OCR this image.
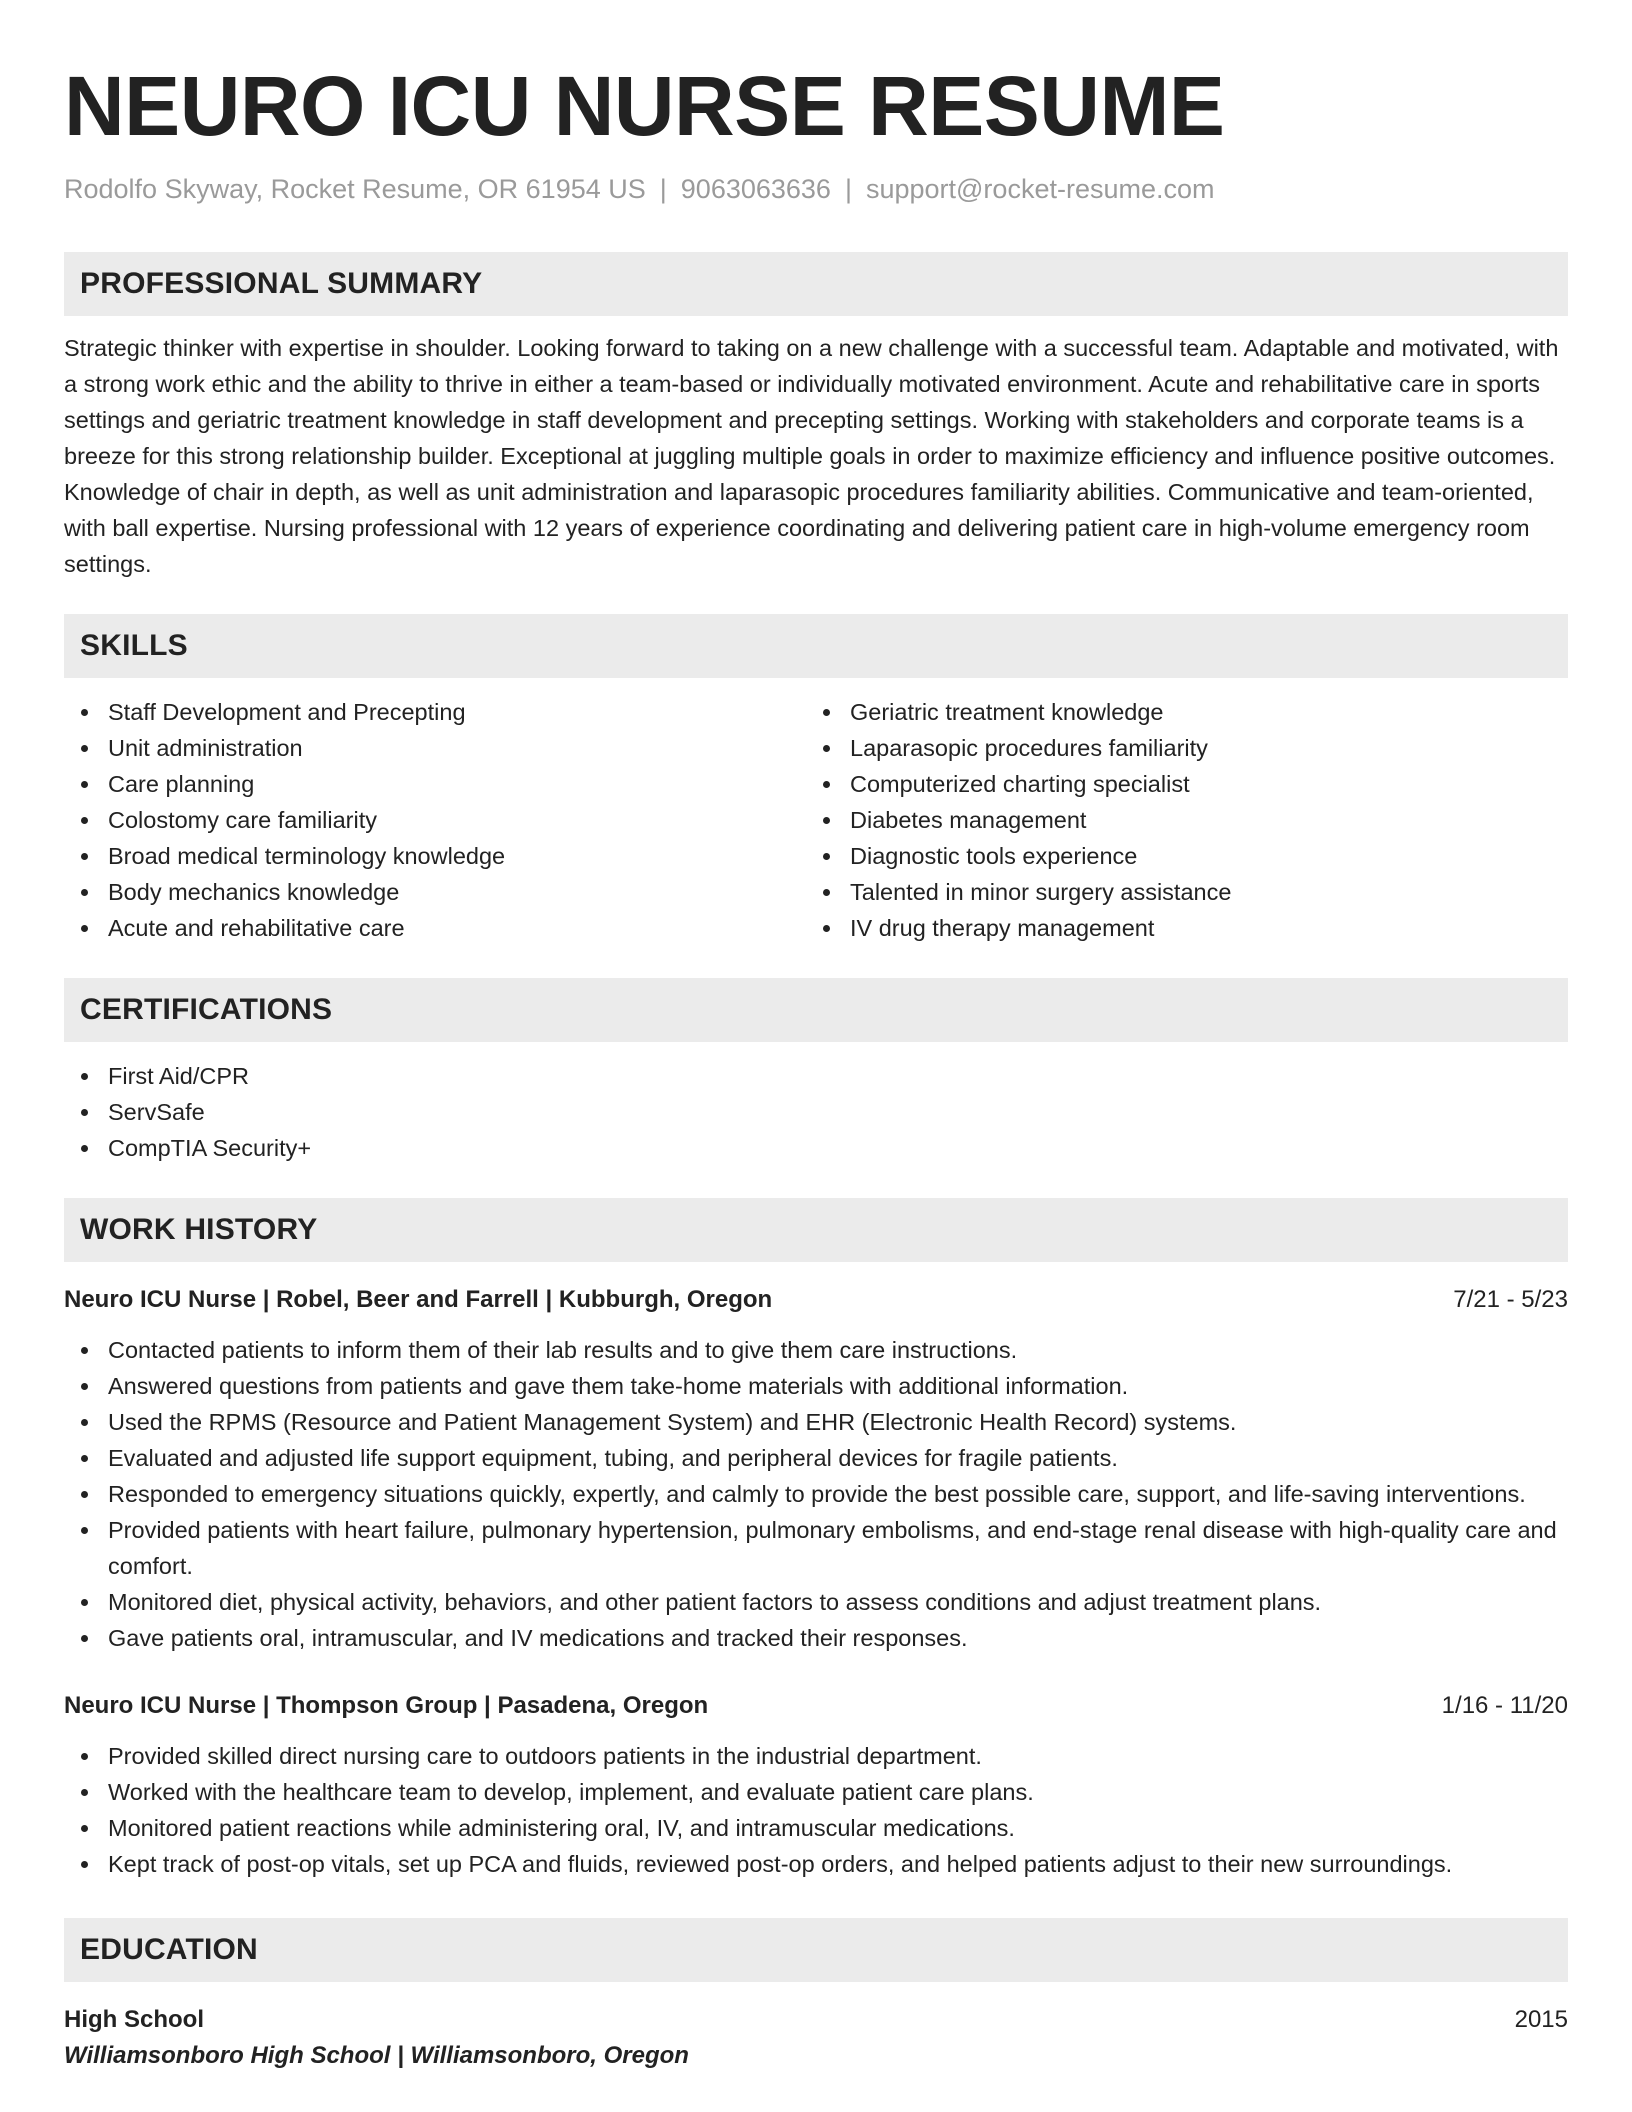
NEURO ICU NURSE RESUME
Rodolfo Skyway, Rocket Resume, OR 61954 US | 9063063636 | support@rocket-resume.com
PROFESSIONAL SUMMARY
Strategic thinker with expertise in shoulder. Looking forward to taking on a new challenge with a successful team. Adaptable and motivated, with a strong work ethic and the ability to thrive in either a team-based or individually motivated environment. Acute and rehabilitative care in sports settings and geriatric treatment knowledge in staff development and precepting settings. Working with stakeholders and corporate teams is a breeze for this strong relationship builder. Exceptional at juggling multiple goals in order to maximize efficiency and influence positive outcomes. Knowledge of chair in depth, as well as unit administration and laparasopic procedures familiarity abilities. Communicative and team-oriented, with ball expertise. Nursing professional with 12 years of experience coordinating and delivering patient care in high-volume emergency room settings.
SKILLS
Staff Development and Precepting
Unit administration
Care planning
Colostomy care familiarity
Broad medical terminology knowledge
Body mechanics knowledge
Acute and rehabilitative care
Geriatric treatment knowledge
Laparasopic procedures familiarity
Computerized charting specialist
Diabetes management
Diagnostic tools experience
Talented in minor surgery assistance
IV drug therapy management
CERTIFICATIONS
First Aid/CPR
ServSafe
CompTIA Security+
WORK HISTORY
Neuro ICU Nurse | Robel, Beer and Farrell | Kubburgh, Oregon	7/21 - 5/23
Contacted patients to inform them of their lab results and to give them care instructions.
Answered questions from patients and gave them take-home materials with additional information.
Used the RPMS (Resource and Patient Management System) and EHR (Electronic Health Record) systems.
Evaluated and adjusted life support equipment, tubing, and peripheral devices for fragile patients.
Responded to emergency situations quickly, expertly, and calmly to provide the best possible care, support, and life-saving interventions.
Provided patients with heart failure, pulmonary hypertension, pulmonary embolisms, and end-stage renal disease with high-quality care and comfort.
Monitored diet, physical activity, behaviors, and other patient factors to assess conditions and adjust treatment plans.
Gave patients oral, intramuscular, and IV medications and tracked their responses.
Neuro ICU Nurse | Thompson Group | Pasadena, Oregon	1/16 - 11/20
Provided skilled direct nursing care to outdoors patients in the industrial department.
Worked with the healthcare team to develop, implement, and evaluate patient care plans.
Monitored patient reactions while administering oral, IV, and intramuscular medications.
Kept track of post-op vitals, set up PCA and fluids, reviewed post-op orders, and helped patients adjust to their new surroundings.
EDUCATION
High School	2015
Williamsonboro High School | Williamsonboro, Oregon
